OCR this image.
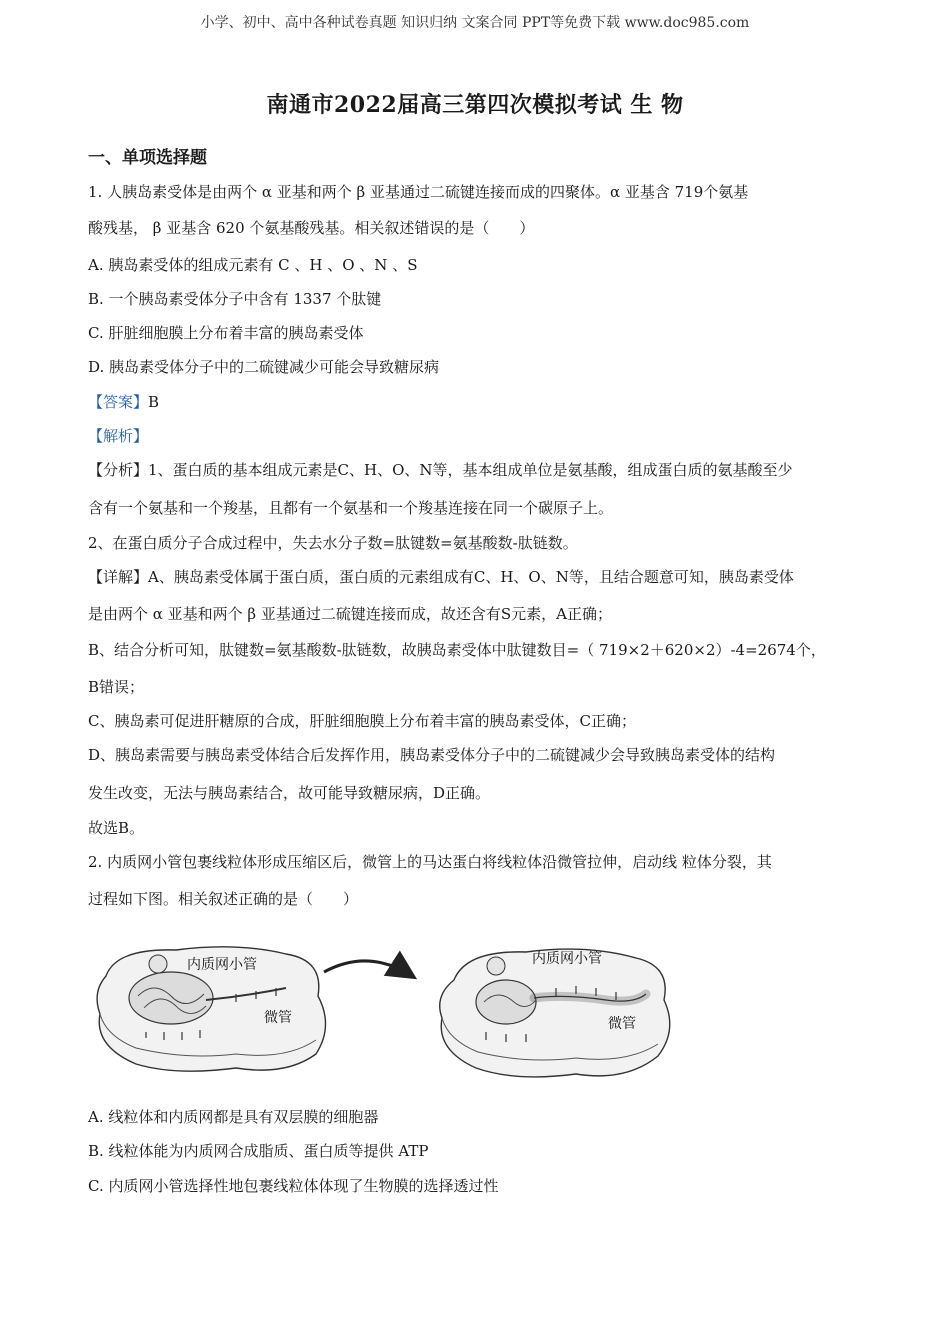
小学、初中、高中各种试卷真题 知识归纳 文案合同 PPT等免费下载 www.doc985.com
南通市2022届高三第四次模拟考试 生 物
一、单项选择题
1. 人胰岛素受体是由两个 α 亚基和两个 β 亚基通过二硫键连接而成的四聚体。α 亚基含 719个氨基
酸残基， β 亚基含 620 个氨基酸残基。相关叙述错误的是（　　）
A. 胰岛素受体的组成元素有 C 、H 、O 、N 、S
B. 一个胰岛素受体分子中含有 1337 个肽键
C. 肝脏细胞膜上分布着丰富的胰岛素受体
D. 胰岛素受体分子中的二硫键减少可能会导致糖尿病
【答案】B
【解析】
【分析】1、蛋白质的基本组成元素是C、H、O、N等，基本组成单位是氨基酸，组成蛋白质的氨基酸至少
含有一个氨基和一个羧基，且都有一个氨基和一个羧基连接在同一个碳原子上。
2、在蛋白质分子合成过程中，失去水分子数=肽键数=氨基酸数-肽链数。
【详解】A、胰岛素受体属于蛋白质，蛋白质的元素组成有C、H、O、N等，且结合题意可知，胰岛素受体
是由两个 α 亚基和两个 β 亚基通过二硫键连接而成，故还含有S元素，A正确；
B、结合分析可知，肽键数=氨基酸数-肽链数，故胰岛素受体中肽键数目=（ 719×2＋620×2）-4=2674个，
B错误；
C、胰岛素可促进肝糖原的合成，肝脏细胞膜上分布着丰富的胰岛素受体，C正确；
D、胰岛素需要与胰岛素受体结合后发挥作用，胰岛素受体分子中的二硫键减少会导致胰岛素受体的结构
发生改变，无法与胰岛素结合，故可能导致糖尿病，D正确。
故选B。
2. 内质网小管包裹线粒体形成压缩区后，微管上的马达蛋白将线粒体沿微管拉伸，启动线 粒体分裂，其
过程如下图。相关叙述正确的是（　　）
内质网小管
微管
内质网小管
微管
A. 线粒体和内质网都是具有双层膜的细胞器
B. 线粒体能为内质网合成脂质、蛋白质等提供 ATP
C. 内质网小管选择性地包裹线粒体体现了生物膜的选择透过性
